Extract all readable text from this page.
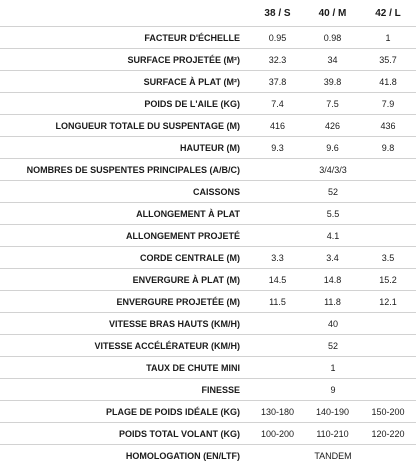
	38 / S	40 / M	42 / L
FACTEUR D'ÉCHELLE	0.95	0.98	1
SURFACE PROJETÉE (M²)	32.3	34	35.7
SURFACE À PLAT (M²)	37.8	39.8	41.8
POIDS DE L'AILE (KG)	7.4	7.5	7.9
LONGUEUR TOTALE DU SUSPENTAGE (M)	416	426	436
HAUTEUR (M)	9.3	9.6	9.8
NOMBRES DE SUSPENTES PRINCIPALES (A/B/C)	3/4/3/3		
CAISSONS	52		
ALLONGEMENT À PLAT	5.5		
ALLONGEMENT PROJETÉ	4.1		
CORDE CENTRALE (M)	3.3	3.4	3.5
ENVERGURE À PLAT (M)	14.5	14.8	15.2
ENVERGURE PROJETÉE (M)	11.5	11.8	12.1
VITESSE BRAS HAUTS (KM/H)	40		
VITESSE ACCÉLÉRATEUR (KM/H)	52		
TAUX DE CHUTE MINI	1		
FINESSE	9		
PLAGE DE POIDS IDÉALE (KG)	130-180	140-190	150-200
POIDS TOTAL VOLANT (KG)	100-200	110-210	120-220
HOMOLOGATION (EN/LTF)	TANDEM		
